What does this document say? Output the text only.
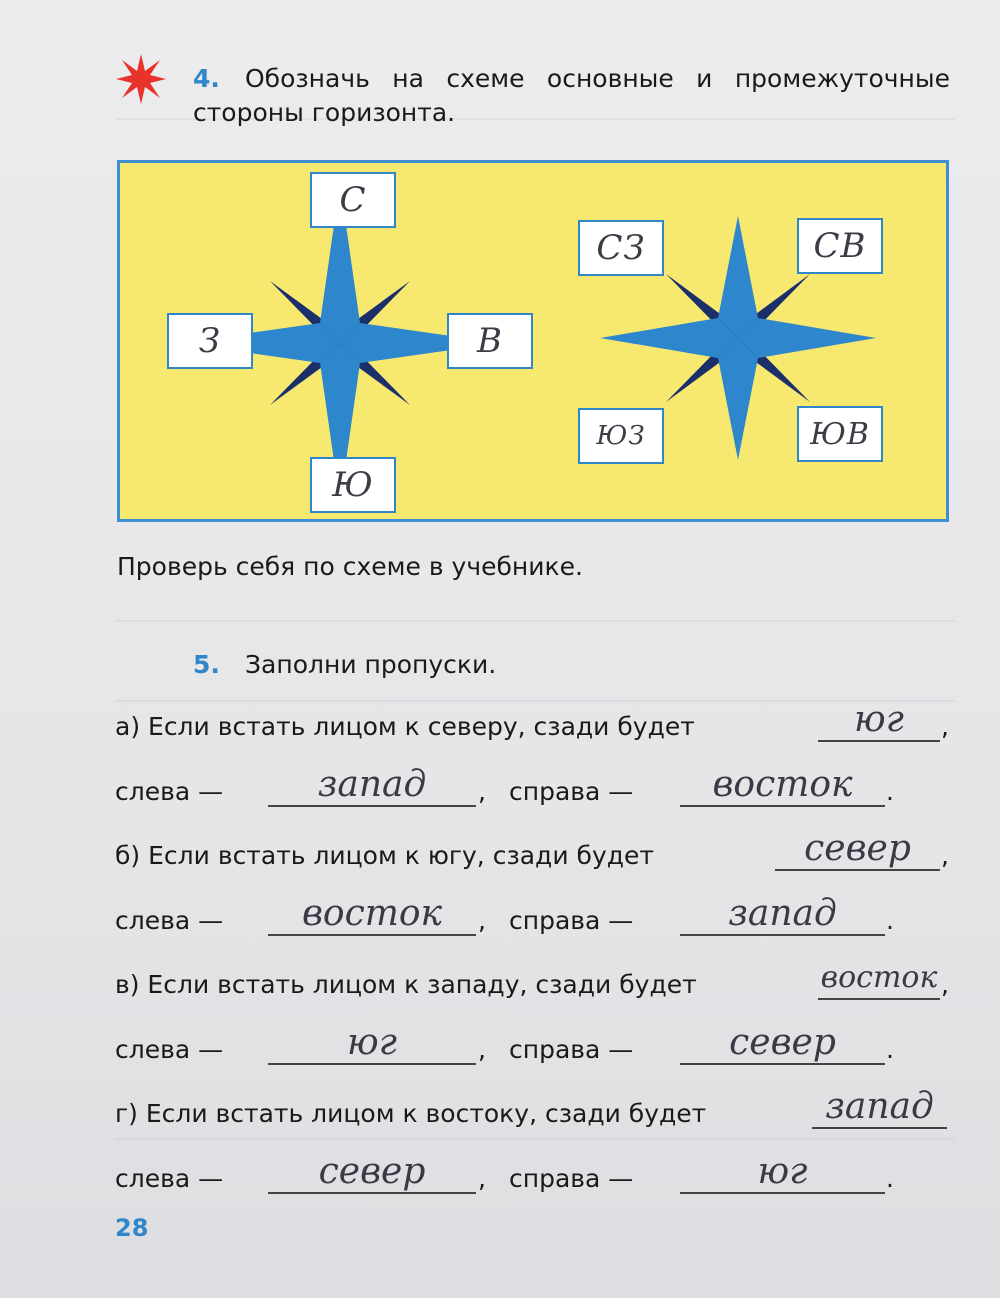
4. Обозначь на схеме основные и промежуточные
стороны горизонта.
С
З	В
Ю
СЗ	СВ
ЮЗ	ЮВ
Проверь себя по схеме в учебнике.
5. Заполни пропуски.
а) Если встать лицом к северу, сзади будет	юг ,
слева —	запад , справа — восток .
б) Если встать лицом к югу, сзади будет	север ,
слева — восток , справа —	запад .
в) Если встать лицом к западу, сзади будет	восток ,
слева —	юг	, справа —	север .
г) Если встать лицом к востоку, сзади будет	запад
слева —	север , справа —	юг	.
28
